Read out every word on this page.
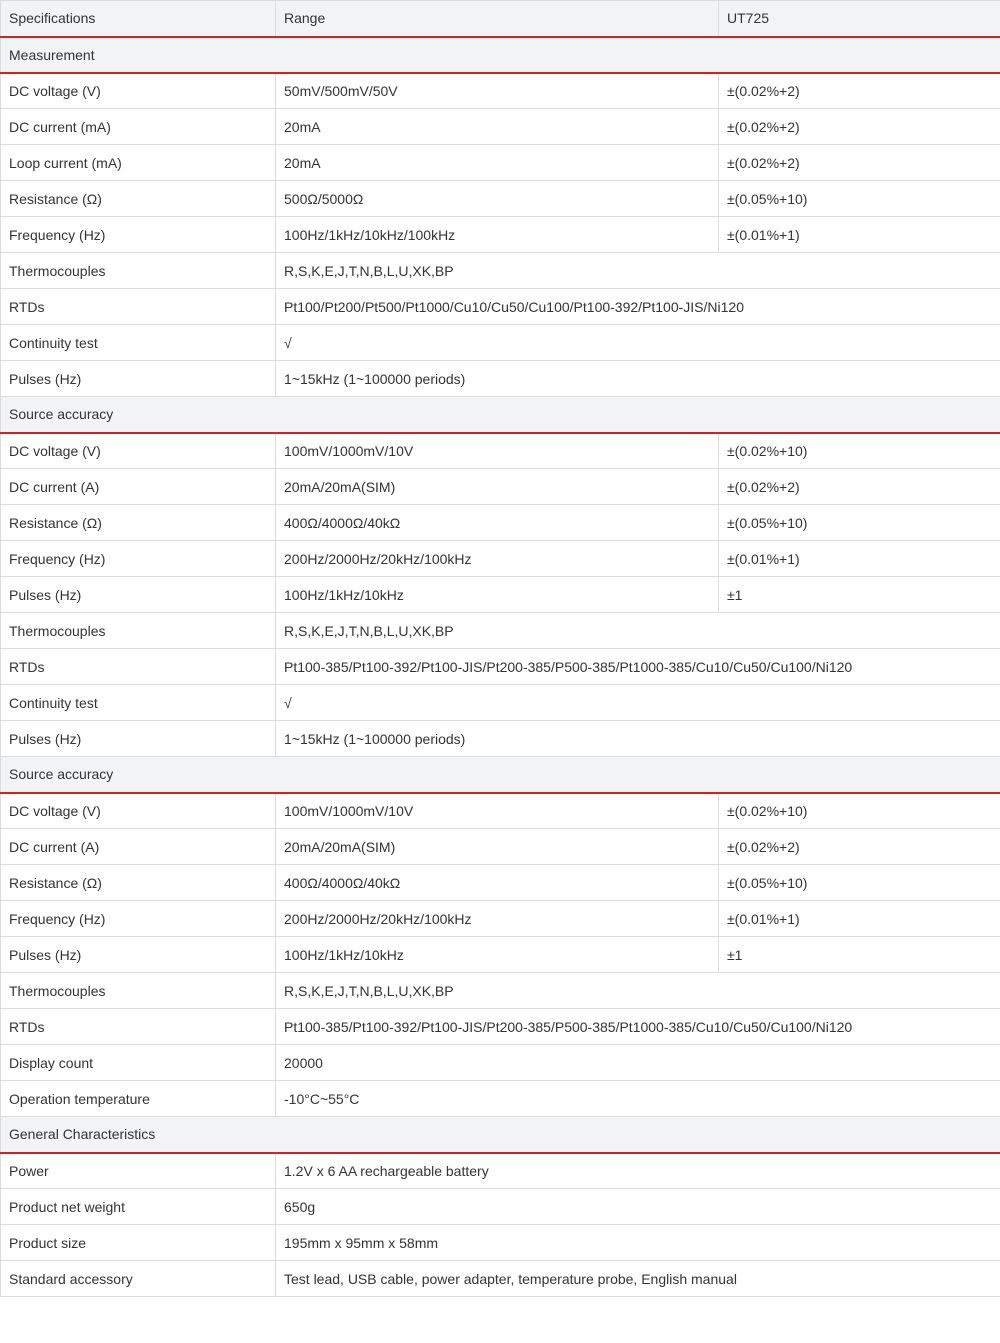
Specifications	Range	UT725
Measurement		
DC voltage (V)	50mV/500mV/50V	±(0.02%+2)
DC current (mA)	20mA	±(0.02%+2)
Loop current (mA)	20mA	±(0.02%+2)
Resistance (Ω)	500Ω/5000Ω	±(0.05%+10)
Frequency (Hz)	100Hz/1kHz/10kHz/100kHz	±(0.01%+1)
Thermocouples	R,S,K,E,J,T,N,B,L,U,XK,BP	
RTDs	Pt100/Pt200/Pt500/Pt1000/Cu10/Cu50/Cu100/Pt100-392/Pt100-JIS/Ni120	
Continuity test	√	
Pulses (Hz)	1~15kHz (1~100000 periods)	
Source accuracy		
DC voltage (V)	100mV/1000mV/10V	±(0.02%+10)
DC current (A)	20mA/20mA(SIM)	±(0.02%+2)
Resistance (Ω)	400Ω/4000Ω/40kΩ	±(0.05%+10)
Frequency (Hz)	200Hz/2000Hz/20kHz/100kHz	±(0.01%+1)
Pulses (Hz)	100Hz/1kHz/10kHz	±1
Thermocouples	R,S,K,E,J,T,N,B,L,U,XK,BP	
RTDs	Pt100-385/Pt100-392/Pt100-JIS/Pt200-385/P500-385/Pt1000-385/Cu10/Cu50/Cu100/Ni120	
Continuity test	√	
Pulses (Hz)	1~15kHz (1~100000 periods)	
Source accuracy		
DC voltage (V)	100mV/1000mV/10V	±(0.02%+10)
DC current (A)	20mA/20mA(SIM)	±(0.02%+2)
Resistance (Ω)	400Ω/4000Ω/40kΩ	±(0.05%+10)
Frequency (Hz)	200Hz/2000Hz/20kHz/100kHz	±(0.01%+1)
Pulses (Hz)	100Hz/1kHz/10kHz	±1
Thermocouples	R,S,K,E,J,T,N,B,L,U,XK,BP	
RTDs	Pt100-385/Pt100-392/Pt100-JIS/Pt200-385/P500-385/Pt1000-385/Cu10/Cu50/Cu100/Ni120	
Display count	20000	
Operation temperature	-10°C~55°C	
General Characteristics		
Power	1.2V x 6 AA rechargeable battery	
Product net weight	650g	
Product size	195mm x 95mm x 58mm	
Standard accessory	Test lead, USB cable, power adapter, temperature probe, English manual	
